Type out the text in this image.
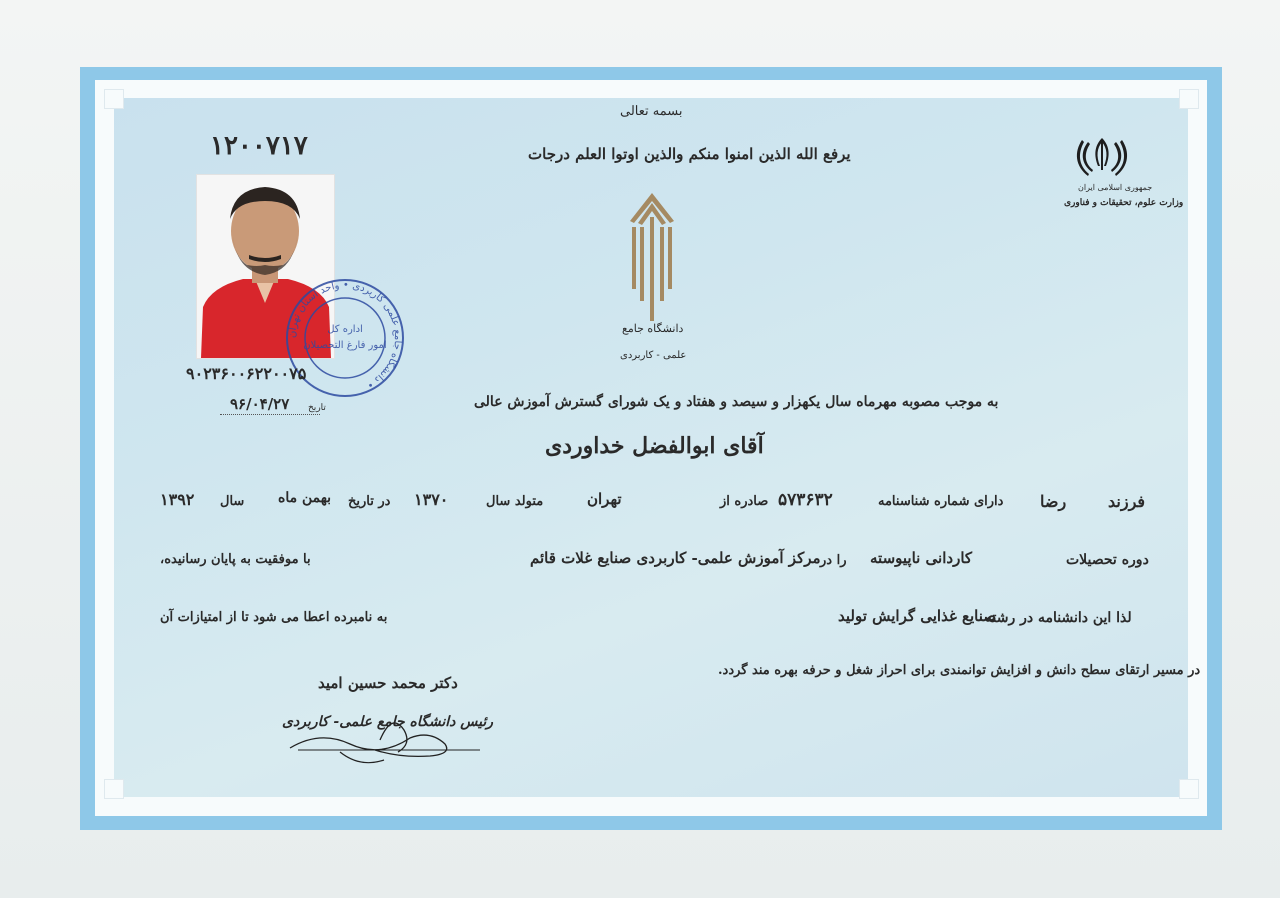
بسمه تعالی
یرفع الله الذین امنوا منکم والذین اوتوا العلم درجات
۱۲۰۰۷۱۷
جمهوری اسلامی ایران
وزارت علوم، تحقیقات و فناوری
دانشگاه جامع
علمی - کاربردی
دانشگاه جامع علمی کاربردی • واحد استان تهران •
اداره کل
امور فارغ التحصیلان
۹۰۲۳۶۰۰۶۲۲۰۰۷۵
۹۶/۰۴/۲۷ تاریخ	به موجب مصوبه مهرماه سال یکهزار و سیصد و هفتاد و یک شورای گسترش آموزش عالی
آقای ابوالفضل خداوردی
فرزند
رضا
دارای شماره شناسنامه
۵۷۳۶۳۲
صادره از
تهران
متولد سال
۱۳۷۰
در تاریخ
بهمن ماه
سال
۱۳۹۲
دوره تحصیلات
کاردانی ناپیوسته
را در
مرکز آموزش علمی- کاربردی صنایع غلات قائم
با موفقیت به پایان رسانیده،
لذا این دانشنامه در رشته
صنایع غذایی گرایش تولید
به نامبرده اعطا می شود تا از امتیازات آن
در مسیر ارتقای سطح دانش و افزایش توانمندی برای احراز شغل و حرفه بهره مند گردد.
دکتر محمد حسین امید
رئیس دانشگاه جامع علمی- کاربردی
